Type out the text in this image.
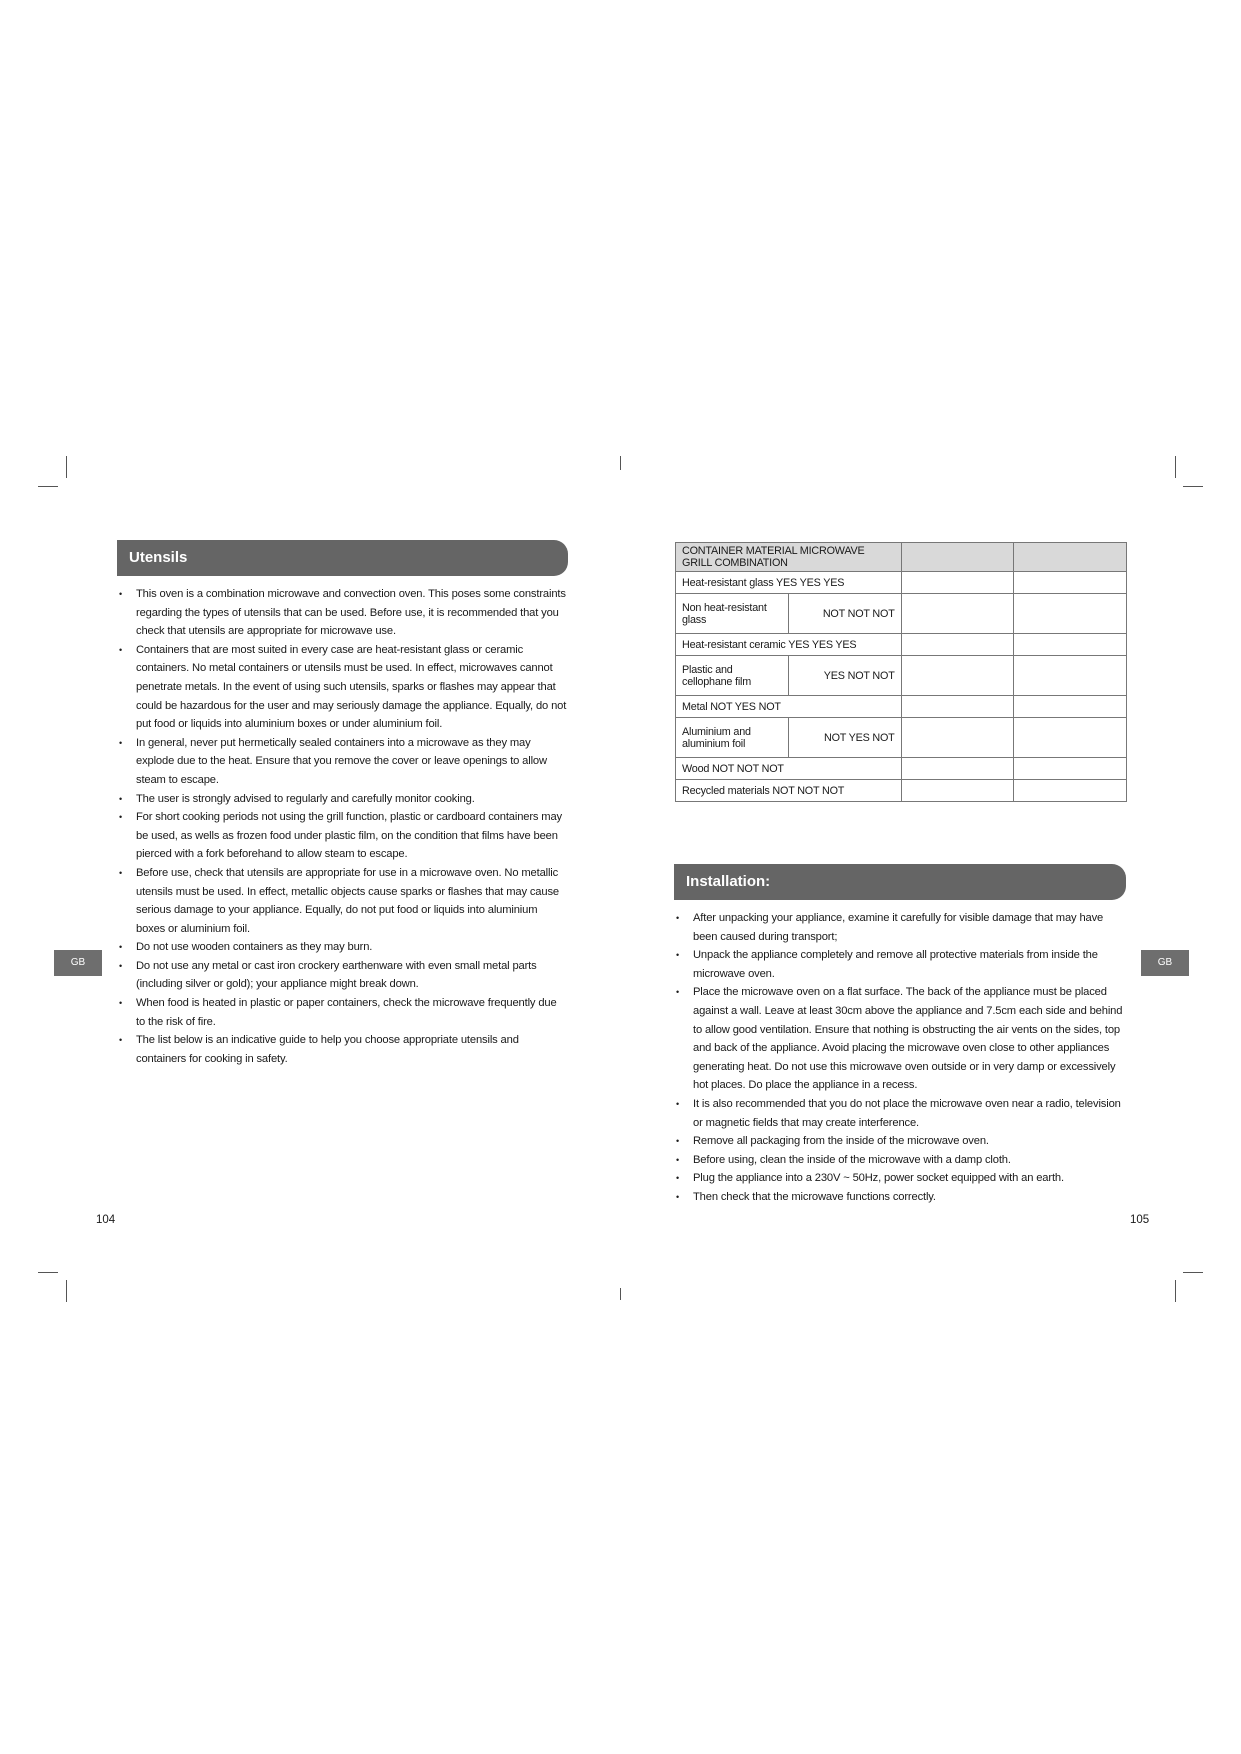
Utensils
• This oven is a combination microwave and convection oven. This poses some constraints regarding the types of utensils that can be used. Before use, it is recommended that you check that utensils are appropriate for microwave use.
• Containers that are most suited in every case are heat-resistant glass or ceramic containers. No metal containers or utensils must be used. In effect, microwaves cannot penetrate metals. In the event of using such utensils, sparks or flashes may appear that could be hazardous for the user and may seriously damage the appliance. Equally, do not put food or liquids into aluminium boxes or under aluminium foil.
• In general, never put hermetically sealed containers into a microwave as they may explode due to the heat. Ensure that you remove the cover or leave openings to allow steam to escape.
• The user is strongly advised to regularly and carefully monitor cooking.
• For short cooking periods not using the grill function, plastic or cardboard containers may be used, as wells as frozen food under plastic film, on the condition that films have been pierced with a fork beforehand to allow steam to escape.
• Before use, check that utensils are appropriate for use in a microwave oven. No metallic utensils must be used. In effect, metallic objects cause sparks or flashes that may cause serious damage to your appliance. Equally, do not put food or liquids into aluminium boxes or aluminium foil.
• Do not use wooden containers as they may burn.
• Do not use any metal or cast iron crockery earthenware with even small metal parts (including silver or gold); your appliance might break down.
• When food is heated in plastic or paper containers, check the microwave frequently due to the risk of fire.
• The list below is an indicative guide to help you choose appropriate utensils and containers for cooking in safety.
GB
104
CONTAINER MATERIAL MICROWAVE GRILL COMBINATION			
Heat-resistant glass YES YES YES			
Non heat-resistant glass	NOT NOT NOT		
Heat-resistant ceramic YES YES YES			
Plastic and cellophane film	YES NOT NOT		
Metal NOT YES NOT			
Aluminium and aluminium foil	NOT YES NOT		
Wood NOT NOT NOT			
Recycled materials NOT NOT NOT			
Installation:
• After unpacking your appliance, examine it carefully for visible damage that may have been caused during transport;
• Unpack the appliance completely and remove all protective materials from inside the microwave oven.
• Place the microwave oven on a flat surface. The back of the appliance must be placed against a wall. Leave at least 30cm above the appliance and 7.5cm each side and behind to allow good ventilation. Ensure that nothing is obstructing the air vents on the sides, top and back of the appliance. Avoid placing the microwave oven close to other appliances generating heat. Do not use this microwave oven outside or in very damp or excessively hot places. Do place the appliance in a recess.
• It is also recommended that you do not place the microwave oven near a radio, television or magnetic fields that may create interference.
• Remove all packaging from the inside of the microwave oven.
• Before using, clean the inside of the microwave with a damp cloth.
• Plug the appliance into a 230V ~ 50Hz, power socket equipped with an earth.
• Then check that the microwave functions correctly.
GB
105
